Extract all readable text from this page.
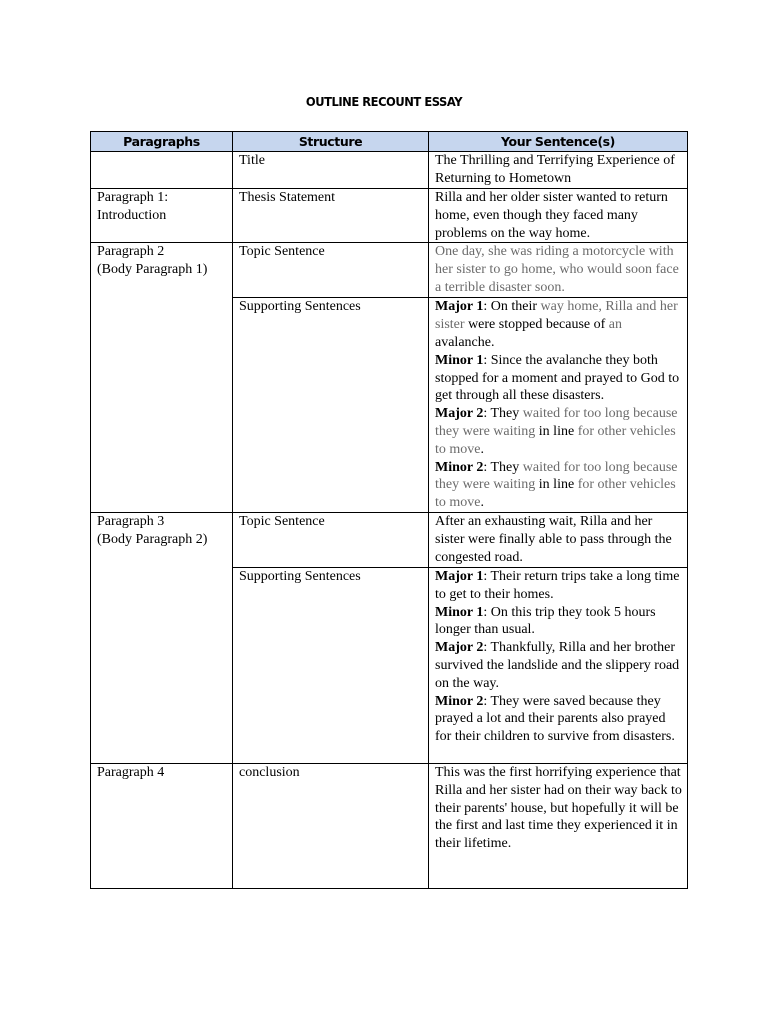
OUTLINE RECOUNT ESSAY
Paragraphs	Structure	Your Sentence(s)
	Title	The Thrilling and Terrifying Experience of Returning to Hometown

Paragraph 1:
Introduction	Thesis Statement	Rilla and her older sister wanted to return home, even though they faced many problems on the way home.

Paragraph 2
(Body Paragraph 1)	Topic Sentence	One day, she was riding a motorcycle with her sister to go home, who would soon face a terrible disaster soon.
	Supporting Sentences	Major 1: On their way home, Rilla and her sister were stopped because of an avalanche.
Minor 1: Since the avalanche they both stopped for a moment and prayed to God to get through all these disasters.
Major 2: They waited for too long because they were waiting in line for other vehicles to move.
Minor 2: They waited for too long because they were waiting in line for other vehicles to move.

Paragraph 3
(Body Paragraph 2)	Topic Sentence	After an exhausting wait, Rilla and her sister were finally able to pass through the congested road.
	Supporting Sentences	Major 1: Their return trips take a long time to get to their homes.
Minor 1: On this trip they took 5 hours longer than usual.
Major 2: Thankfully, Rilla and her brother survived the landslide and the slippery road on the way.
Minor 2: They were saved because they prayed a lot and their parents also prayed for their children to survive from disasters.
Paragraph 4	conclusion	This was the first horrifying experience that Rilla and her sister had on their way back to their parents' house, but hopefully it will be the first and last time they experienced it in their lifetime.
